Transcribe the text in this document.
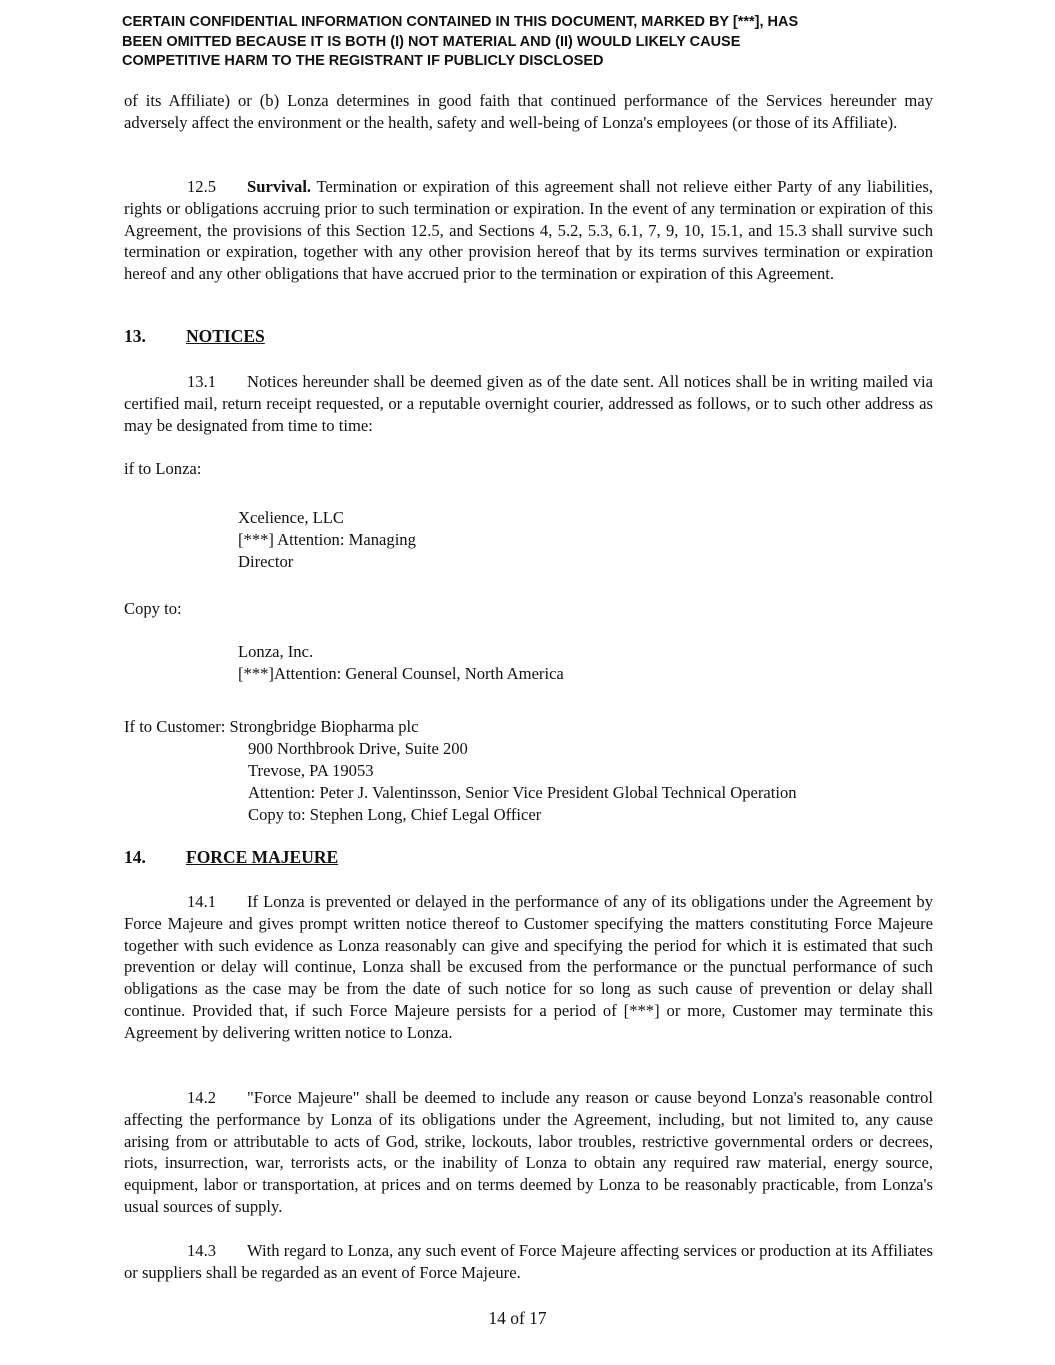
CERTAIN CONFIDENTIAL INFORMATION CONTAINED IN THIS DOCUMENT, MARKED BY [***], HAS
BEEN OMITTED BECAUSE IT IS BOTH (I) NOT MATERIAL AND (II) WOULD LIKELY CAUSE
COMPETITIVE HARM TO THE REGISTRANT IF PUBLICLY DISCLOSED
of its Affiliate) or (b) Lonza determines in good faith that continued performance of the Services hereunder may adversely affect the environment or the health, safety and well-being of Lonza's employees (or those of its Affiliate).
12.5 Survival. Termination or expiration of this agreement shall not relieve either Party of any liabilities, rights or obligations accruing prior to such termination or expiration. In the event of any termination or expiration of this Agreement, the provisions of this Section 12.5, and Sections 4, 5.2, 5.3, 6.1, 7, 9, 10, 15.1, and 15.3 shall survive such termination or expiration, together with any other provision hereof that by its terms survives termination or expiration hereof and any other obligations that have accrued prior to the termination or expiration of this Agreement.
13. NOTICES
13.1 Notices hereunder shall be deemed given as of the date sent. All notices shall be in writing mailed via certified mail, return receipt requested, or a reputable overnight courier, addressed as follows, or to such other address as may be designated from time to time:
if to Lonza:
Xcelience, LLC
[***] Attention: Managing
Director
Copy to:
Lonza, Inc.
[***]Attention: General Counsel, North America
If to Customer: Strongbridge Biopharma plc
900 Northbrook Drive, Suite 200
Trevose, PA 19053
Attention: Peter J. Valentinsson, Senior Vice President Global Technical Operation
Copy to: Stephen Long, Chief Legal Officer
14. FORCE MAJEURE
14.1 If Lonza is prevented or delayed in the performance of any of its obligations under the Agreement by Force Majeure and gives prompt written notice thereof to Customer specifying the matters constituting Force Majeure together with such evidence as Lonza reasonably can give and specifying the period for which it is estimated that such prevention or delay will continue, Lonza shall be excused from the performance or the punctual performance of such obligations as the case may be from the date of such notice for so long as such cause of prevention or delay shall continue. Provided that, if such Force Majeure persists for a period of [***] or more, Customer may terminate this Agreement by delivering written notice to Lonza.
14.2 "Force Majeure" shall be deemed to include any reason or cause beyond Lonza's reasonable control affecting the performance by Lonza of its obligations under the Agreement, including, but not limited to, any cause arising from or attributable to acts of God, strike, lockouts, labor troubles, restrictive governmental orders or decrees, riots, insurrection, war, terrorists acts, or the inability of Lonza to obtain any required raw material, energy source, equipment, labor or transportation, at prices and on terms deemed by Lonza to be reasonably practicable, from Lonza's usual sources of supply.
14.3 With regard to Lonza, any such event of Force Majeure affecting services or production at its Affiliates or suppliers shall be regarded as an event of Force Majeure.
14 of 17
